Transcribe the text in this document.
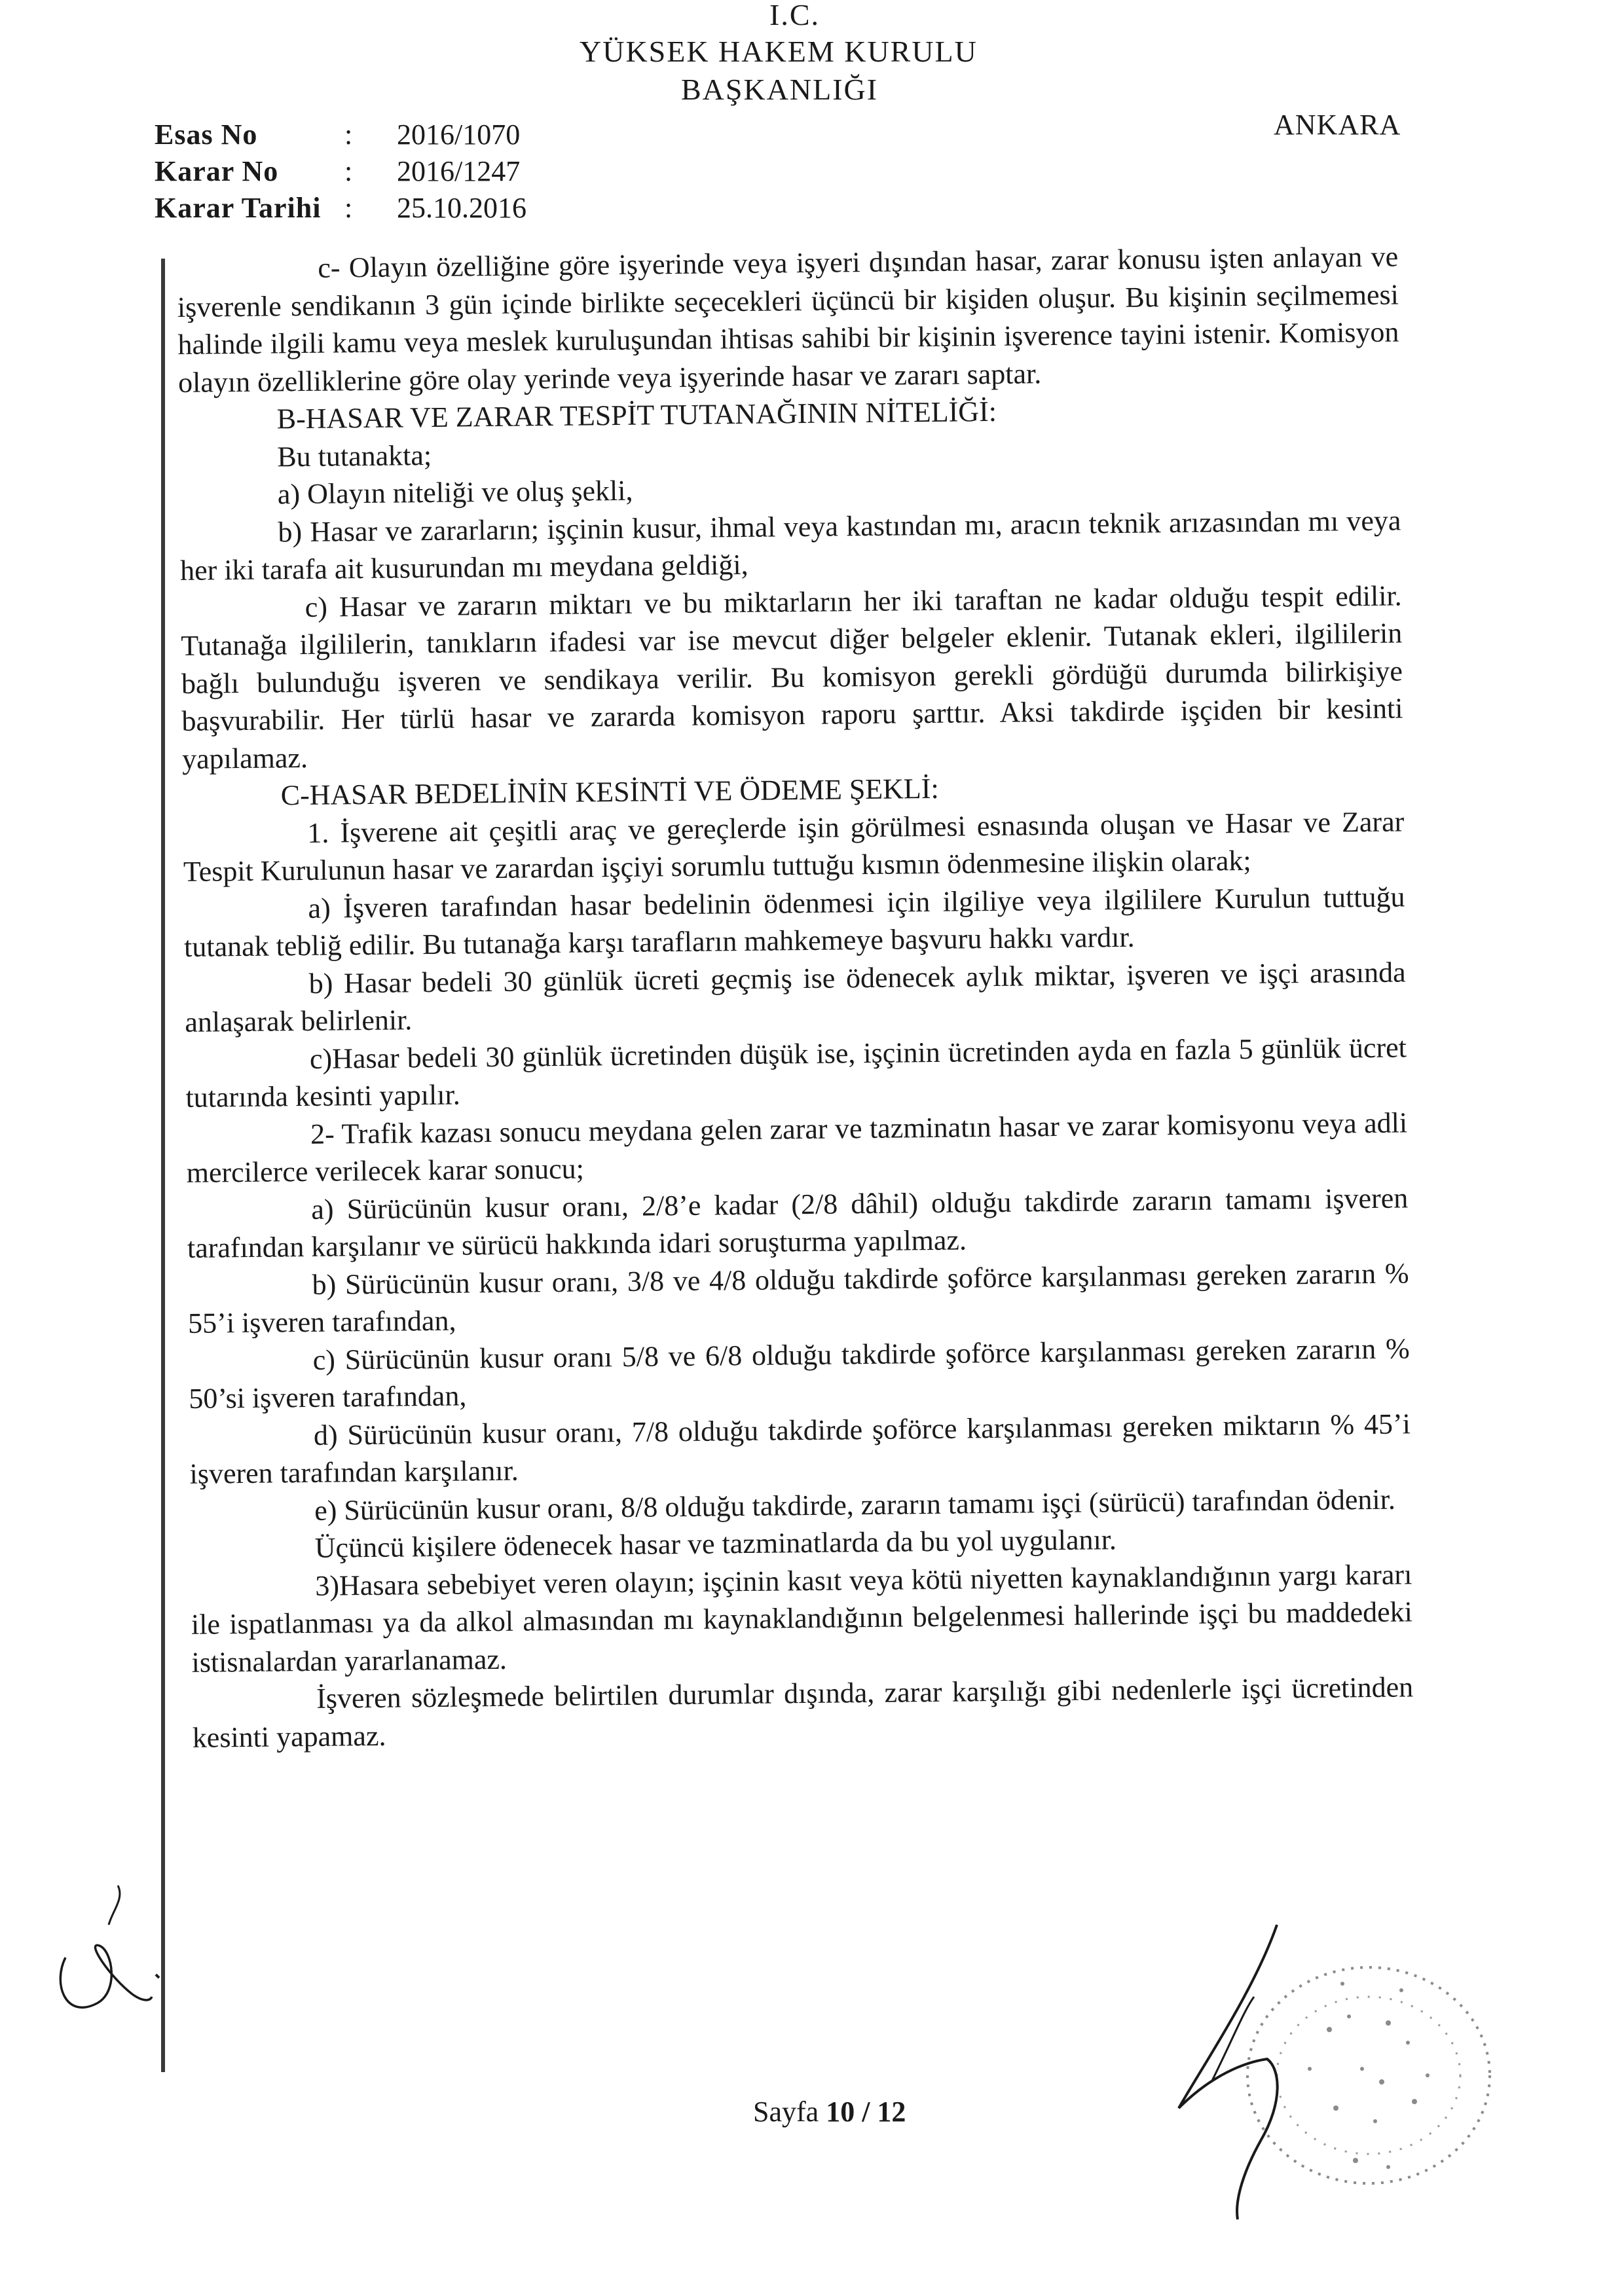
I.C.
YÜKSEK HAKEM KURULU
BAŞKANLIĞI
ANKARA
Esas No	: 2016/1070
Karar No : 2016/1247
Karar Tarihi : 25.10.2016

c- Olayın özelliğine göre işyerinde veya işyeri dışından hasar, zarar konusu işten anlayan ve işverenle sendikanın 3 gün içinde birlikte seçecekleri üçüncü bir kişiden oluşur. Bu kişinin seçilmemesi halinde ilgili kamu veya meslek kuruluşundan ihtisas sahibi bir kişinin işverence tayini istenir. Komisyon olayın özelliklerine göre olay yerinde veya işyerinde hasar ve zararı saptar.

B-HASAR VE ZARAR TESPİT TUTANAĞININ NİTELİĞİ:

Bu tutanakta;

a) Olayın niteliği ve oluş şekli,

b) Hasar ve zararların; işçinin kusur, ihmal veya kastından mı, aracın teknik arızasından mı veya her iki tarafa ait kusurundan mı meydana geldiği,

c) Hasar ve zararın miktarı ve bu miktarların her iki taraftan ne kadar olduğu tespit edilir. Tutanağa ilgililerin, tanıkların ifadesi var ise mevcut diğer belgeler eklenir. Tutanak ekleri, ilgililerin bağlı bulunduğu işveren ve sendikaya verilir. Bu komisyon gerekli gördüğü durumda bilirkişiye başvurabilir. Her türlü hasar ve zararda komisyon raporu şarttır. Aksi takdirde işçiden bir kesinti yapılamaz.

C-HASAR BEDELİNİN KESİNTİ VE ÖDEME ŞEKLİ:

1. İşverene ait çeşitli araç ve gereçlerde işin görülmesi esnasında oluşan ve Hasar ve Zarar Tespit Kurulunun hasar ve zarardan işçiyi sorumlu tuttuğu kısmın ödenmesine ilişkin olarak;

a) İşveren tarafından hasar bedelinin ödenmesi için ilgiliye veya ilgililere Kurulun tuttuğu tutanak tebliğ edilir. Bu tutanağa karşı tarafların mahkemeye başvuru hakkı vardır.

b) Hasar bedeli 30 günlük ücreti geçmiş ise ödenecek aylık miktar, işveren ve işçi arasında anlaşarak belirlenir.

c)Hasar bedeli 30 günlük ücretinden düşük ise, işçinin ücretinden ayda en fazla 5 günlük ücret tutarında kesinti yapılır.

2- Trafik kazası sonucu meydana gelen zarar ve tazminatın hasar ve zarar komisyonu veya adli mercilerce verilecek karar sonucu;

a) Sürücünün kusur oranı, 2/8’e kadar (2/8 dâhil) olduğu takdirde zararın tamamı işveren tarafından karşılanır ve sürücü hakkında idari soruşturma yapılmaz.

b) Sürücünün kusur oranı, 3/8 ve 4/8 olduğu takdirde şoförce karşılanması gereken zararın % 55’i işveren tarafından,

c) Sürücünün kusur oranı 5/8 ve 6/8 olduğu takdirde şoförce karşılanması gereken zararın % 50’si işveren tarafından,

d) Sürücünün kusur oranı, 7/8 olduğu takdirde şoförce karşılanması gereken miktarın % 45’i işveren tarafından karşılanır.

e) Sürücünün kusur oranı, 8/8 olduğu takdirde, zararın tamamı işçi (sürücü) tarafından ödenir.

Üçüncü kişilere ödenecek hasar ve tazminatlarda da bu yol uygulanır.

3)Hasara sebebiyet veren olayın; işçinin kasıt veya kötü niyetten kaynaklandığının yargı kararı ile ispatlanması ya da alkol almasından mı kaynaklandığının belgelenmesi hallerinde işçi bu maddedeki istisnalardan yararlanamaz.

İşveren sözleşmede belirtilen durumlar dışında, zarar karşılığı gibi nedenlerle işçi ücretinden kesinti yapamaz.

Sayfa 10 / 12
